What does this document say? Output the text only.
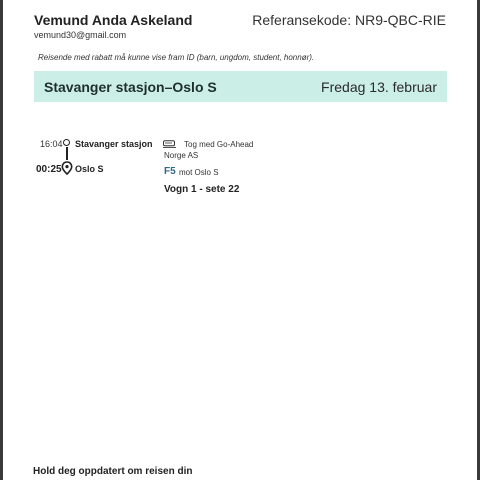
Vemund Anda Askeland
vemund30@gmail.com
Referansekode: NR9-QBC-RIE
Reisende med rabatt må kunne vise fram ID (barn, ungdom, student, honnør).
Stavanger stasjon–Oslo S	Fredag 13. februar
16:04 Stavanger stasjon
00:25 Oslo S
Tog med Go-Ahead Norge AS
F5 mot Oslo S
Vogn 1 - sete 22
Hold deg oppdatert om reisen din
